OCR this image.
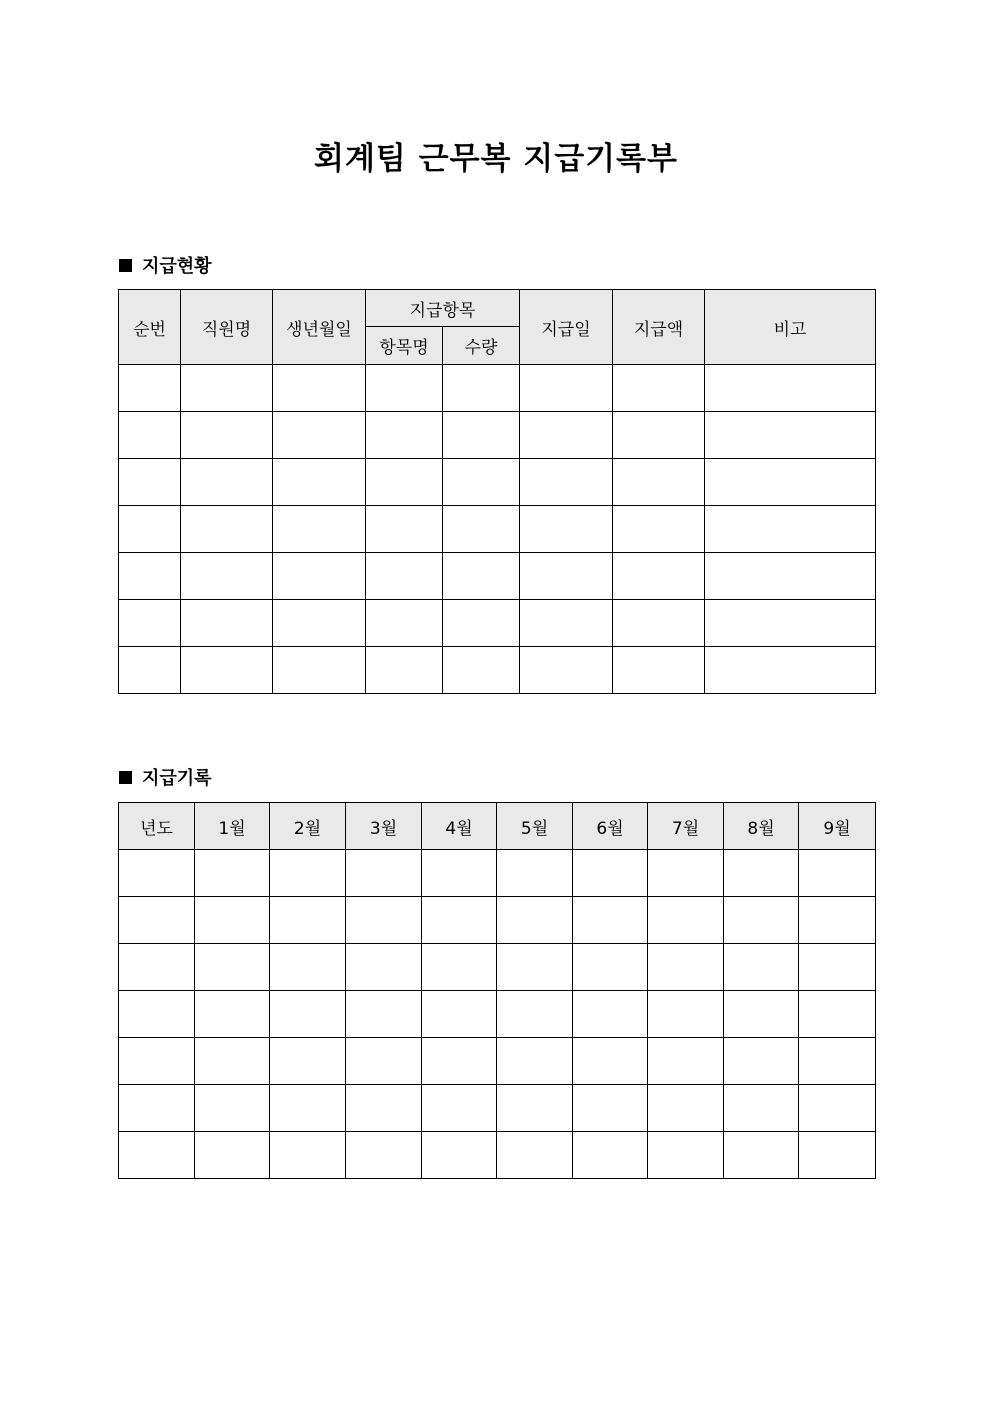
회계팀 근무복 지급기록부
지급현황
순번	직원명	생년월일	지급항목		지급일	지급액	비고
			항목명	수량			

지급기록
년도	1월	2월	3월	4월	5월	6월	7월	8월	9월
